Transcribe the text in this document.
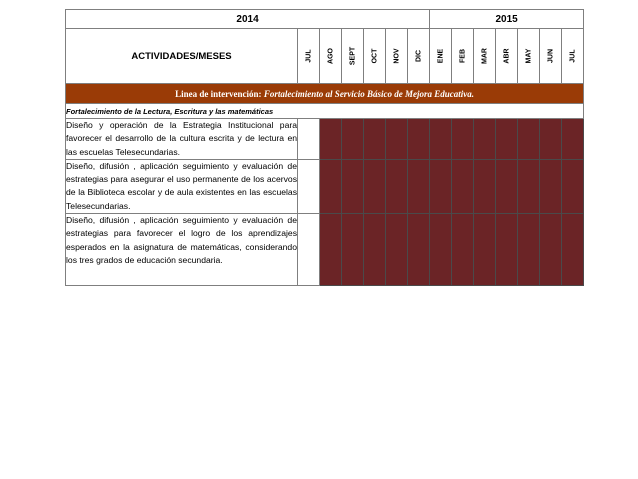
2014							2015						
ACTIVIDADES/MESES	JUL	AGO	SEPT	OCT	NOV	DIC	ENE	FEB	MAR	ABR	MAY	JUN	JUL

Linea de intervención: Fortalecimiento al Servicio Básico de Mejora Educativa.													
Fortalecimiento de la Lectura, Escritura y las matemáticas													
Diseño y operación de la Estrategia Institucional para favorecer el desarrollo de la cultura escrita y de lectura en las escuelas Telesecundarias.													
Diseño, difusión , aplicación seguimiento y evaluación de estrategias para asegurar el uso permanente de los acervos de la Biblioteca escolar y de aula existentes en las escuelas Telesecundarias.													
Diseño, difusión , aplicación seguimiento y evaluación de estrategias para favorecer el logro de los aprendizajes esperados en la asignatura de matemáticas, considerando los tres grados de educación secundaria.													
